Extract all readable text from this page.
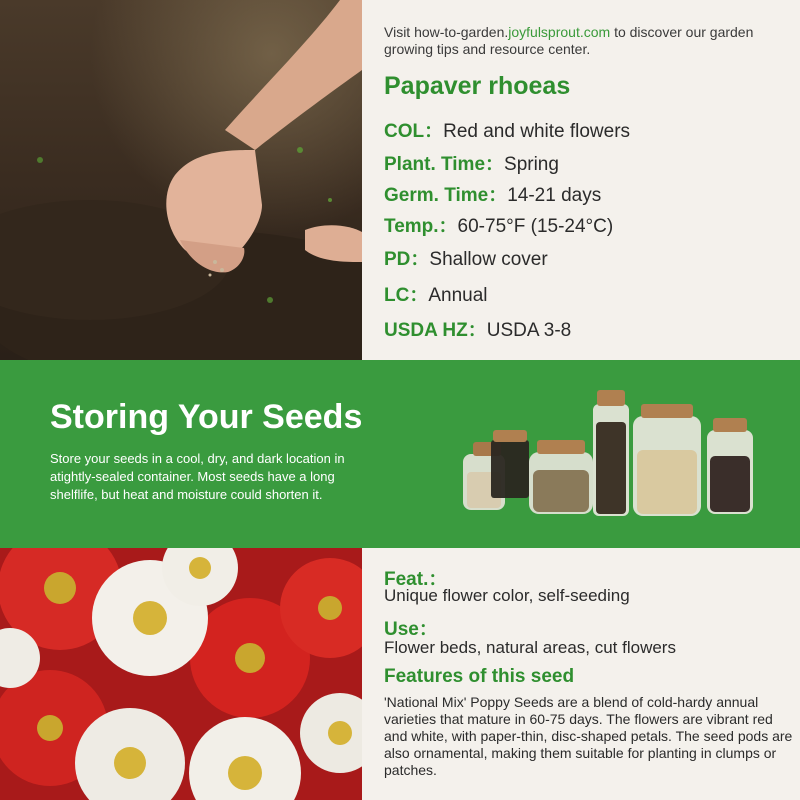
Visit how-to-garden.joyfulsprout.com to discover our garden growing tips and resource center.
Papaver rhoeas
COL：Red and white flowers
Plant. Time：Spring
Germ. Time：14-21 days
Temp.：60-75°F (15-24°C)
PD：Shallow cover
LC：Annual
USDA HZ：USDA 3-8
Storing Your Seeds
Store your seeds in a cool, dry, and dark location in atightly-sealed container. Most seeds have a long shelflife, but heat and moisture could shorten it.
Feat.：
Unique flower color, self-seeding
Use：
Flower beds, natural areas, cut flowers
Features of this seed
'National Mix' Poppy Seeds are a blend of cold-hardy annual varieties that mature in 60-75 days. The flowers are vibrant red and white, with paper-thin, disc-shaped petals. The seed pods are also ornamental, making them suitable for planting in clumps or patches.
